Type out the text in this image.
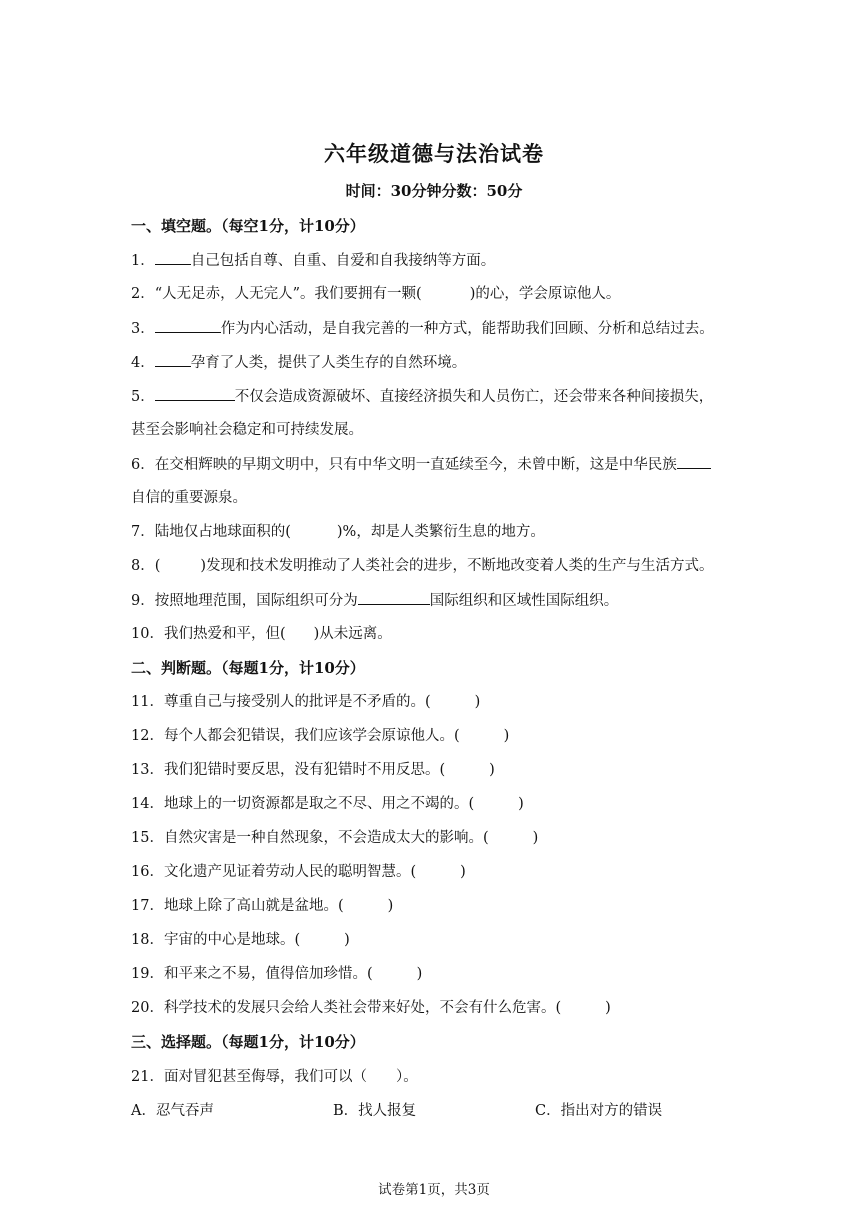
六年级道德与法治试卷
时间：30分钟分数：50分
一、填空题。（每空1分，计10分）
1． 自己包括自尊、自重、自爱和自我接纳等方面。
2．“人无足赤，人无完人”。我们要拥有一颗(	)的心，学会原谅他人。
3．	作为内心活动，是自我完善的一种方式，能帮助我们回顾、分析和总结过去。
4． 孕育了人类，提供了人类生存的自然环境。
5．	不仅会造成资源破坏、直接经济损失和人员伤亡，还会带来各种间接损失，
甚至会影响社会稳定和可持续发展。
6．在交相辉映的早期文明中，只有中华文明一直延续至今，未曾中断，这是中华民族
自信的重要源泉。
7．陆地仅占地球面积的(	)%，却是人类繁衍生息的地方。
8．(	)发现和技术发明推动了人类社会的进步，不断地改变着人类的生产与生活方式。
9．按照地理范围，国际组织可分为	国际组织和区域性国际组织。
10．我们热爱和平，但( )从未远离。
二、判断题。（每题1分，计10分）
11．尊重自己与接受别人的批评是不矛盾的。(	)
12．每个人都会犯错误，我们应该学会原谅他人。(	)
13．我们犯错时要反思，没有犯错时不用反思。(	)
14．地球上的一切资源都是取之不尽、用之不竭的。(	)
15．自然灾害是一种自然现象，不会造成太大的影响。(	)
16．文化遗产见证着劳动人民的聪明智慧。(	)
17．地球上除了高山就是盆地。(	)
18．宇宙的中心是地球。(	)
19．和平来之不易，值得倍加珍惜。(	)
20．科学技术的发展只会给人类社会带来好处，不会有什么危害。(	)
三、选择题。（每题1分，计10分）
21．面对冒犯甚至侮辱，我们可以（　　）。
A．忍气吞声	B．找人报复	C．指出对方的错误
试卷第1页，共3页
